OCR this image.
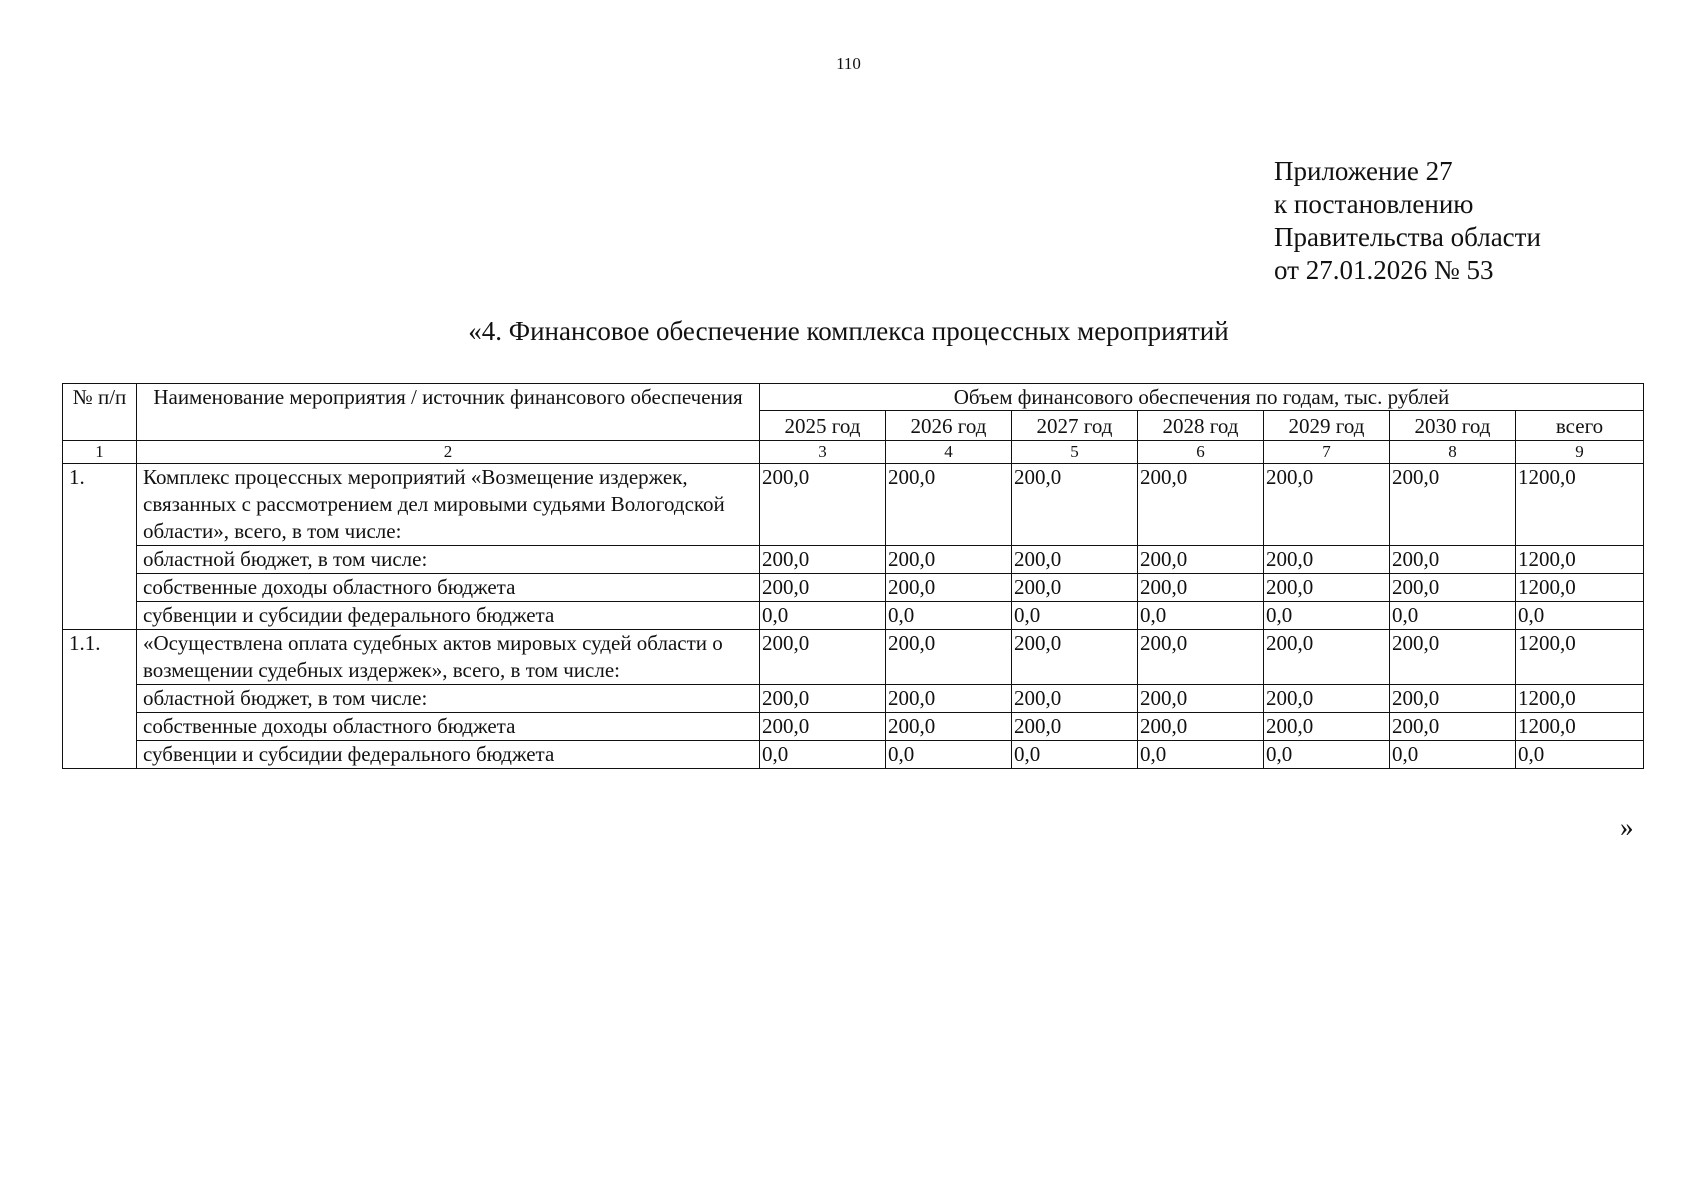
110
Приложение 27
к постановлению
Правительства области
от 27.01.2026 № 53
«4. Финансовое обеспечение комплекса процессных мероприятий
№ п/п	Наименование мероприятия / источник финансового обеспечения	Объем финансового обеспечения по годам, тыс. рублей						
		2025 год	2026 год	2027 год	2028 год	2029 год	2030 год	всего
1	2	3	4	5	6	7	8	9
1.	Комплекс процессных мероприятий «Возмещение издержек, связанных с рассмотрением дел мировыми судьями Вологодской области», всего, в том числе:	200,0	200,0	200,0	200,0	200,0	200,0	1200,0
	областной бюджет, в том числе:	200,0	200,0	200,0	200,0	200,0	200,0	1200,0
	собственные доходы областного бюджета	200,0	200,0	200,0	200,0	200,0	200,0	1200,0
	субвенции и субсидии федерального бюджета	0,0	0,0	0,0	0,0	0,0	0,0	0,0
1.1.	«Осуществлена оплата судебных актов мировых судей области о возмещении судебных издержек», всего, в том числе:	200,0	200,0	200,0	200,0	200,0	200,0	1200,0
	областной бюджет, в том числе:	200,0	200,0	200,0	200,0	200,0	200,0	1200,0
	собственные доходы областного бюджета	200,0	200,0	200,0	200,0	200,0	200,0	1200,0
	субвенции и субсидии федерального бюджета	0,0	0,0	0,0	0,0	0,0	0,0	0,0
»
